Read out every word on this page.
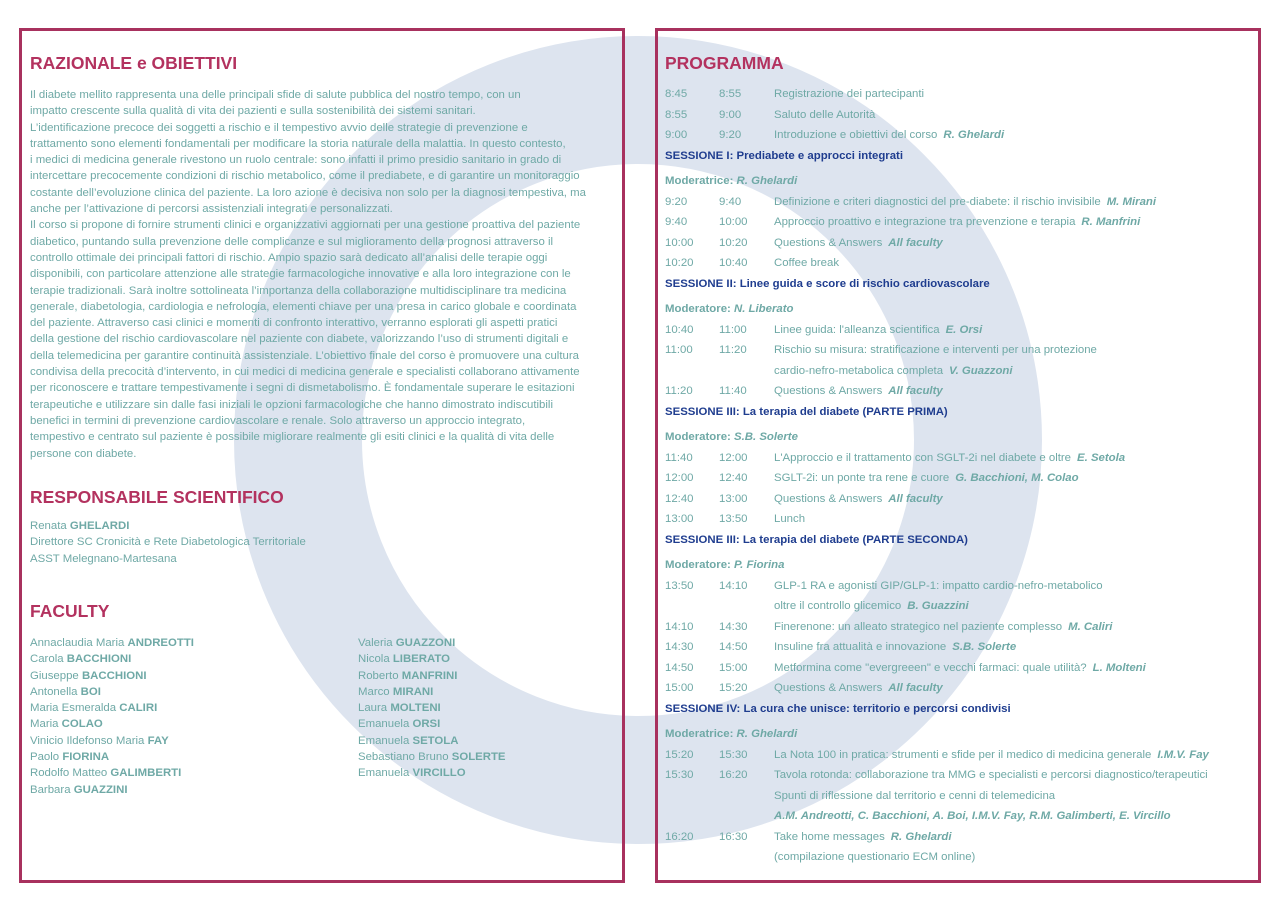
RAZIONALE e OBIETTIVI
Il diabete mellito rappresenta una delle principali sfide di salute pubblica del nostro tempo, con un
impatto crescente sulla qualità di vita dei pazienti e sulla sostenibilità dei sistemi sanitari.
L’identificazione precoce dei soggetti a rischio e il tempestivo avvio delle strategie di prevenzione e
trattamento sono elementi fondamentali per modificare la storia naturale della malattia. In questo contesto,
i medici di medicina generale rivestono un ruolo centrale: sono infatti il primo presidio sanitario in grado di
intercettare precocemente condizioni di rischio metabolico, come il prediabete, e di garantire un monitoraggio
costante dell’evoluzione clinica del paziente. La loro azione è decisiva non solo per la diagnosi tempestiva, ma
anche per l’attivazione di percorsi assistenziali integrati e personalizzati.
Il corso si propone di fornire strumenti clinici e organizzativi aggiornati per una gestione proattiva del paziente
diabetico, puntando sulla prevenzione delle complicanze e sul miglioramento della prognosi attraverso il
controllo ottimale dei principali fattori di rischio. Ampio spazio sarà dedicato all’analisi delle terapie oggi
disponibili, con particolare attenzione alle strategie farmacologiche innovative e alla loro integrazione con le
terapie tradizionali. Sarà inoltre sottolineata l’importanza della collaborazione multidisciplinare tra medicina
generale, diabetologia, cardiologia e nefrologia, elementi chiave per una presa in carico globale e coordinata
del paziente. Attraverso casi clinici e momenti di confronto interattivo, verranno esplorati gli aspetti pratici
della gestione del rischio cardiovascolare nel paziente con diabete, valorizzando l’uso di strumenti digitali e
della telemedicina per garantire continuità assistenziale. L’obiettivo finale del corso è promuovere una cultura
condivisa della precocità d’intervento, in cui medici di medicina generale e specialisti collaborano attivamente
per riconoscere e trattare tempestivamente i segni di dismetabolismo. È fondamentale superare le esitazioni
terapeutiche e utilizzare sin dalle fasi iniziali le opzioni farmacologiche che hanno dimostrato indiscutibili
benefici in termini di prevenzione cardiovascolare e renale. Solo attraverso un approccio integrato,
tempestivo e centrato sul paziente è possibile migliorare realmente gli esiti clinici e la qualità di vita delle
persone con diabete.
RESPONSABILE SCIENTIFICO
Renata GHELARDI
Direttore SC Cronicità e Rete Diabetologica Territoriale
ASST Melegnano-Martesana
FACULTY
Annaclaudia Maria ANDREOTTI
Carola BACCHIONI
Giuseppe BACCHIONI
Antonella BOI
Maria Esmeralda CALIRI
Maria COLAO
Vinicio Ildefonso Maria FAY
Paolo FIORINA
Rodolfo Matteo GALIMBERTI
Barbara GUAZZINI
Valeria GUAZZONI
Nicola LIBERATO
Roberto MANFRINI
Marco MIRANI
Laura MOLTENI
Emanuela ORSI
Emanuela SETOLA
Sebastiano Bruno SOLERTE
Emanuela VIRCILLO
PROGRAMMA
8:45	8:55	Registrazione dei partecipanti
8:55	9:00	Saluto delle Autorità
9:00	9:20	Introduzione e obiettivi del corso R. Ghelardi
SESSIONE I: Prediabete e approcci integrati
Moderatrice: R. Ghelardi
9:20	9:40	Definizione e criteri diagnostici del pre-diabete: il rischio invisibile M. Mirani
9:40	10:00 Approccio proattivo e integrazione tra prevenzione e terapia R. Manfrini
10:00 10:20 Questions & Answers All faculty
10:20 10:40 Coffee break
SESSIONE II: Linee guida e score di rischio cardiovascolare
Moderatore: N. Liberato
10:40 11:00 Linee guida: l'alleanza scientifica E. Orsi
11:00 11:20 Rischio su misura: stratificazione e interventi per una protezione
cardio-nefro-metabolica completa V. Guazzoni
11:20 11:40 Questions & Answers All faculty
SESSIONE III: La terapia del diabete (PARTE PRIMA)
Moderatore: S.B. Solerte
11:40 12:00 L'Approccio e il trattamento con SGLT-2i nel diabete e oltre E. Setola
12:00 12:40 SGLT-2i: un ponte tra rene e cuore G. Bacchioni, M. Colao
12:40 13:00 Questions & Answers All faculty
13:00 13:50 Lunch
SESSIONE III: La terapia del diabete (PARTE SECONDA)
Moderatore: P. Fiorina
13:50 14:10 GLP-1 RA e agonisti GIP/GLP-1: impatto cardio-nefro-metabolico
oltre il controllo glicemico B. Guazzini
14:10 14:30 Finerenone: un alleato strategico nel paziente complesso M. Caliri
14:30 14:50 Insuline fra attualità e innovazione S.B. Solerte
14:50 15:00 Metformina come "evergreeen" e vecchi farmaci: quale utilità? L. Molteni
15:00 15:20 Questions & Answers All faculty
SESSIONE IV: La cura che unisce: territorio e percorsi condivisi
Moderatrice: R. Ghelardi
15:20 15:30 La Nota 100 in pratica: strumenti e sfide per il medico di medicina generale I.M.V. Fay
15:30 16:20 Tavola rotonda: collaborazione tra MMG e specialisti e percorsi diagnostico/terapeutici
Spunti di riflessione dal territorio e cenni di telemedicina
A.M. Andreotti, C. Bacchioni, A. Boi, I.M.V. Fay, R.M. Galimberti, E. Vircillo
16:20 16:30 Take home messages R. Ghelardi
(compilazione questionario ECM online)
